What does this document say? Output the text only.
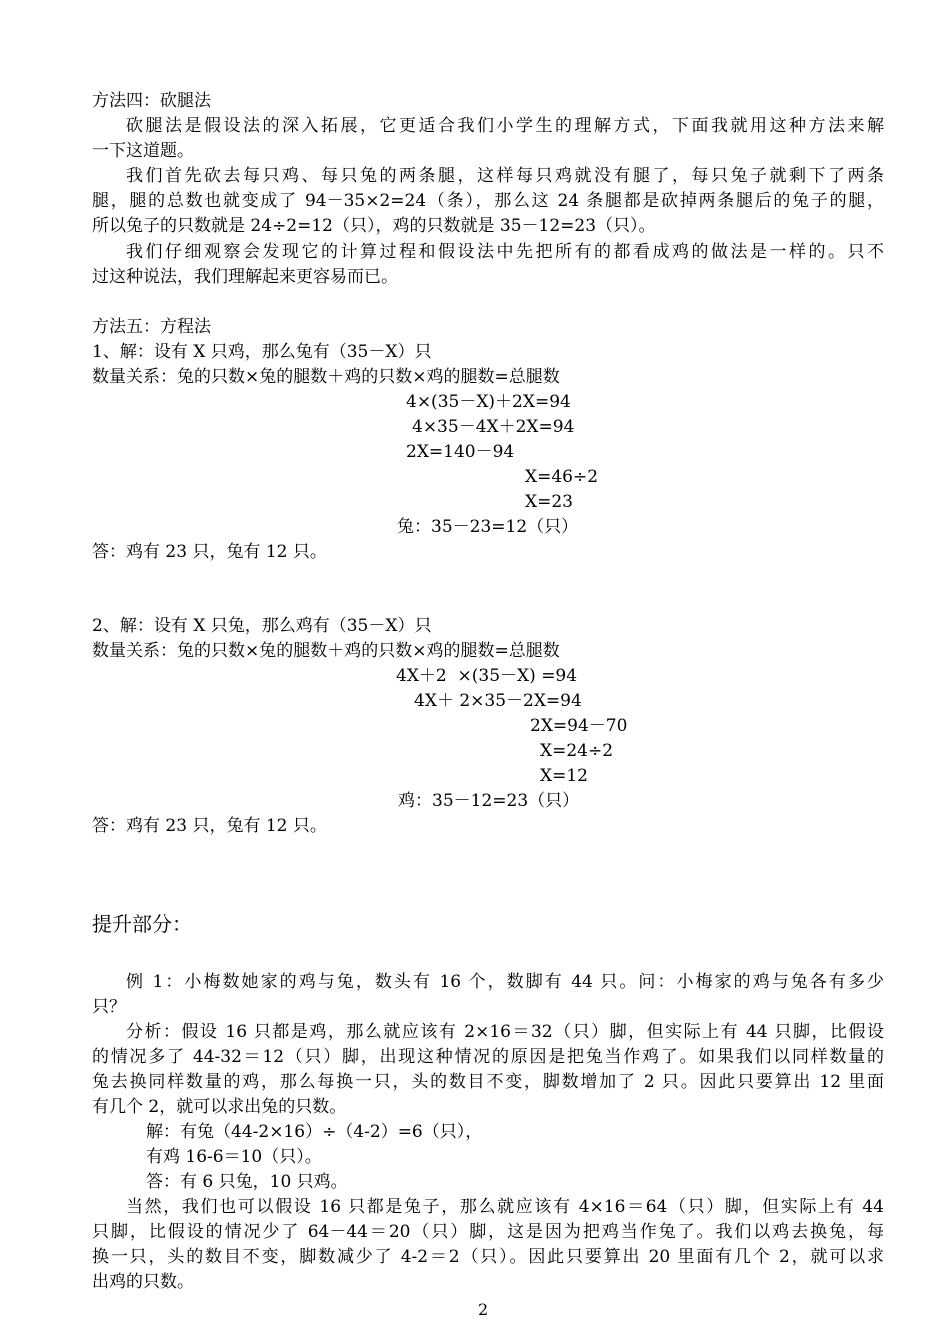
方法四：砍腿法
砍腿法是假设法的深入拓展，它更适合我们小学生的理解方式，下面我就用这种方法来解
一下这道题。
我们首先砍去每只鸡、每只兔的两条腿，这样每只鸡就没有腿了，每只兔子就剩下了两条
腿，腿的总数也就变成了 94－35×2=24（条），那么这 24 条腿都是砍掉两条腿后的兔子的腿，
所以兔子的只数就是 24÷2=12（只），鸡的只数就是 35－12=23（只）。
我们仔细观察会发现它的计算过程和假设法中先把所有的都看成鸡的做法是一样的。只不
过这种说法，我们理解起来更容易而已。
方法五：方程法
1、解：设有 X 只鸡，那么兔有（35－X）只
数量关系：兔的只数×兔的腿数＋鸡的只数×鸡的腿数=总腿数
4×(35－X)＋2X=94
4×35－4X＋2X=94
2X=140－94
X=46÷2
X=23
兔：35－23=12（只）
答：鸡有 23 只，兔有 12 只。
2、解：设有 X 只兔，那么鸡有（35－X）只
数量关系：兔的只数×兔的腿数＋鸡的只数×鸡的腿数=总腿数
4X＋2  ×(35－X) =94
4X＋ 2×35－2X=94
2X=94－70
X=24÷2
X=12
鸡：35－12=23（只）
答：鸡有 23 只，兔有 12 只。
提升部分：
例 1：小梅数她家的鸡与兔，数头有 16 个，数脚有 44 只。问：小梅家的鸡与兔各有多少
只？
分析：假设 16 只都是鸡，那么就应该有 2×16＝32（只）脚，但实际上有 44 只脚，比假设
的情况多了 44-32＝12（只）脚，出现这种情况的原因是把兔当作鸡了。如果我们以同样数量的
兔去换同样数量的鸡，那么每换一只，头的数目不变，脚数增加了 2 只。因此只要算出 12 里面
有几个 2，就可以求出兔的只数。
解：有兔（44-2×16）÷（4-2）=6（只），
有鸡 16-6＝10（只）。
答：有 6 只兔，10 只鸡。
当然，我们也可以假设 16 只都是兔子，那么就应该有 4×16＝64（只）脚，但实际上有 44
只脚，比假设的情况少了 64－44＝20（只）脚，这是因为把鸡当作兔了。我们以鸡去换兔，每
换一只，头的数目不变，脚数减少了 4-2＝2（只）。因此只要算出 20 里面有几个 2，就可以求
出鸡的只数。
2
